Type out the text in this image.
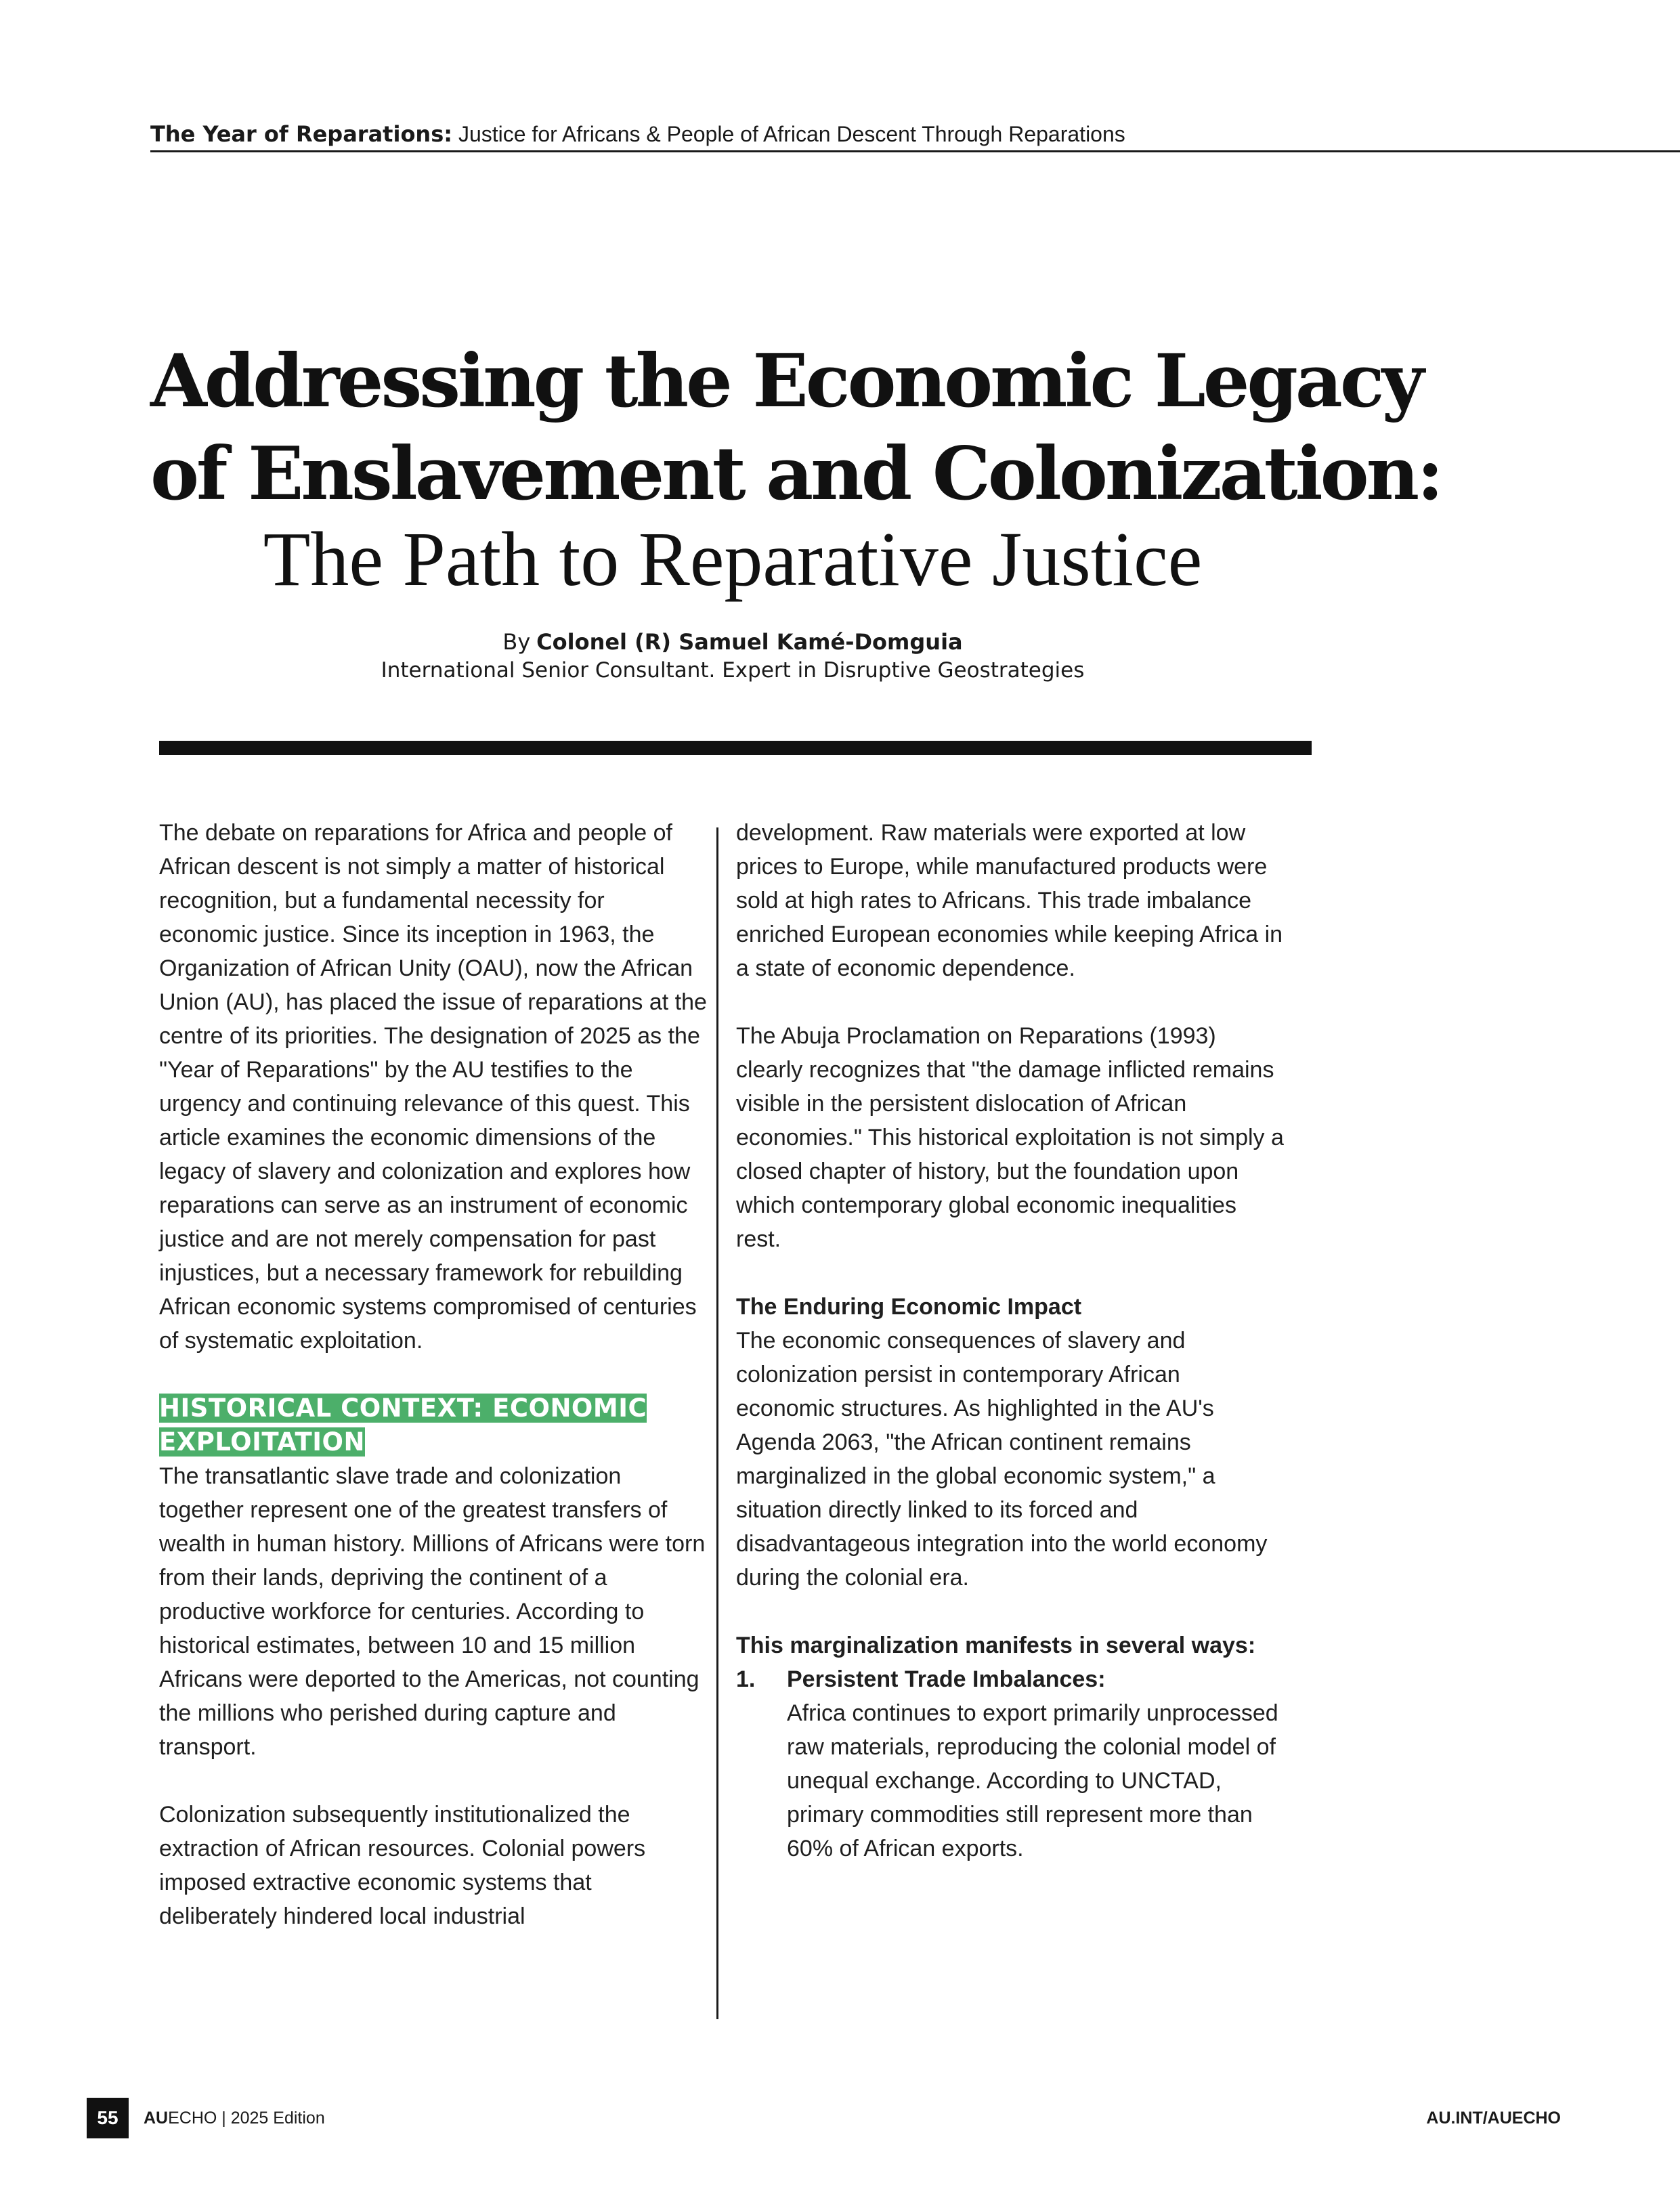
The Year of Reparations: Justice for Africans & People of African Descent Through Reparations
Addressing the Economic Legacy
of Enslavement and Colonization:
The Path to Reparative Justice
By Colonel (R) Samuel Kamé-Domguia
International Senior Consultant. Expert in Disruptive Geostrategies

The debate on reparations for Africa and people of African descent is not simply a matter of historical recognition, but a fundamental necessity for economic justice. Since its inception in 1963, the Organization of African Unity (OAU), now the African Union (AU), has placed the issue of reparations at the centre of its priorities. The designation of 2025 as the "Year of Reparations" by the AU testifies to the urgency and continuing relevance of this quest. This article examines the economic dimensions of the legacy of slavery and colonization and explores how reparations can serve as an instrument of economic justice and are not merely compensation for past injustices, but a necessary framework for rebuilding African economic systems compromised of centuries of systematic exploitation.

HISTORICAL CONTEXT: ECONOMIC EXPLOITATION

The transatlantic slave trade and colonization together represent one of the greatest transfers of wealth in human history. Millions of Africans were torn from their lands, depriving the continent of a productive workforce for centuries. According to historical estimates, between 10 and 15 million Africans were deported to the Americas, not counting the millions who perished during capture and transport.

Colonization subsequently institutionalized the extraction of African resources. Colonial powers imposed extractive economic systems that deliberately hindered local industrial

development. Raw materials were exported at low prices to Europe, while manufactured products were sold at high rates to Africans. This trade imbalance enriched European economies while keeping Africa in a state of economic dependence.

The Abuja Proclamation on Reparations (1993) clearly recognizes that "the damage inflicted remains visible in the persistent dislocation of African economies." This historical exploitation is not simply a closed chapter of history, but the foundation upon which contemporary global economic inequalities rest.

The Enduring Economic Impact

The economic consequences of slavery and colonization persist in contemporary African economic structures. As highlighted in the AU's Agenda 2063, "the African continent remains marginalized in the global economic system," a situation directly linked to its forced and disadvantageous integration into the world economy during the colonial era.

This marginalization manifests in several ways:

1. Persistent Trade Imbalances:
Africa continues to export primarily unprocessed raw materials, reproducing the colonial model of unequal exchange. According to UNCTAD, primary commodities still represent more than 60% of African exports.
55	AUECHO | 2025 Edition	AU.INT/AUECHO
